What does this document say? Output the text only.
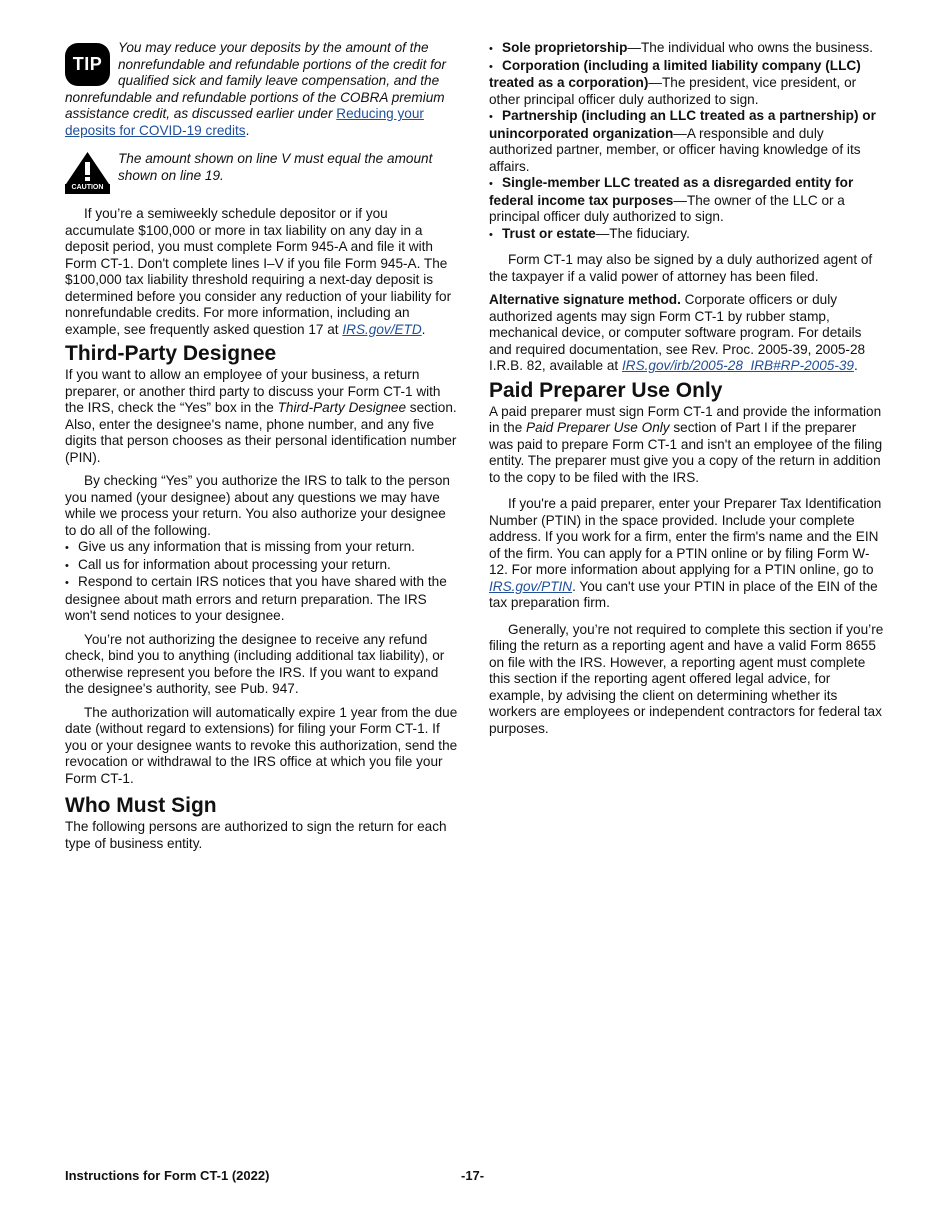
TIP

You may reduce your deposits by the amount of the nonrefundable and refundable portions of the credit for qualified sick and family leave compensation, and the nonrefundable and refundable portions of the COBRA premium assistance credit, as discussed earlier under Reducing your deposits for COVID-19 credits.

CAUTION

The amount shown on line V must equal the amount shown on line 19.

If you’re a semiweekly schedule depositor or if you accumulate $100,000 or more in tax liability on any day in a deposit period, you must complete Form 945-A and file it with Form CT-1. Don't complete lines I–V if you file Form 945-A. The $100,000 tax liability threshold requiring a next-day deposit is determined before you consider any reduction of your liability for nonrefundable credits. For more information, including an example, see frequently asked question 17 at IRS.gov/ETD.

Third-Party Designee

If you want to allow an employee of your business, a return preparer, or another third party to discuss your Form CT-1 with the IRS, check the “Yes” box in the Third-Party Designee section. Also, enter the designee's name, phone number, and any five digits that person chooses as their personal identification number (PIN).

By checking “Yes” you authorize the IRS to talk to the person you named (your designee) about any questions we may have while we process your return. You also authorize your designee to do all of the following.

• Give us any information that is missing from your return.

• Call us for information about processing your return.

• Respond to certain IRS notices that you have shared with the designee about math errors and return preparation. The IRS won't send notices to your designee.

You’re not authorizing the designee to receive any refund check, bind you to anything (including additional tax liability), or otherwise represent you before the IRS. If you want to expand the designee's authority, see Pub. 947.

The authorization will automatically expire 1 year from the due date (without regard to extensions) for filing your Form CT-1. If you or your designee wants to revoke this authorization, send the revocation or withdrawal to the IRS office at which you file your Form CT-1.

Who Must Sign

The following persons are authorized to sign the return for each type of business entity.

• Sole proprietorship—The individual who owns the business.

• Corporation (including a limited liability company (LLC) treated as a corporation)—The president, vice president, or other principal officer duly authorized to sign.

• Partnership (including an LLC treated as a partnership) or unincorporated organization—A responsible and duly authorized partner, member, or officer having knowledge of its affairs.

• Single-member LLC treated as a disregarded entity for federal income tax purposes—The owner of the LLC or a principal officer duly authorized to sign.

• Trust or estate—The fiduciary.

Form CT-1 may also be signed by a duly authorized agent of the taxpayer if a valid power of attorney has been filed.

Alternative signature method. Corporate officers or duly authorized agents may sign Form CT-1 by rubber stamp, mechanical device, or computer software program. For details and required documentation, see Rev. Proc. 2005-39, 2005-28 I.R.B. 82, available at IRS.gov/irb/2005-28_IRB#RP-2005-39.

Paid Preparer Use Only

A paid preparer must sign Form CT-1 and provide the information in the Paid Preparer Use Only section of Part I if the preparer was paid to prepare Form CT-1 and isn't an employee of the filing entity. The preparer must give you a copy of the return in addition to the copy to be filed with the IRS.

If you're a paid preparer, enter your Preparer Tax Identification Number (PTIN) in the space provided. Include your complete address. If you work for a firm, enter the firm's name and the EIN of the firm. You can apply for a PTIN online or by filing Form W-12. For more information about applying for a PTIN online, go to IRS.gov/PTIN. You can't use your PTIN in place of the EIN of the tax preparation firm.

Generally, you’re not required to complete this section if you’re filing the return as a reporting agent and have a valid Form 8655 on file with the IRS. However, a reporting agent must complete this section if the reporting agent offered legal advice, for example, by advising the client on determining whether its workers are employees or independent contractors for federal tax purposes.

Instructions for Form CT-1 (2022)	-17-
